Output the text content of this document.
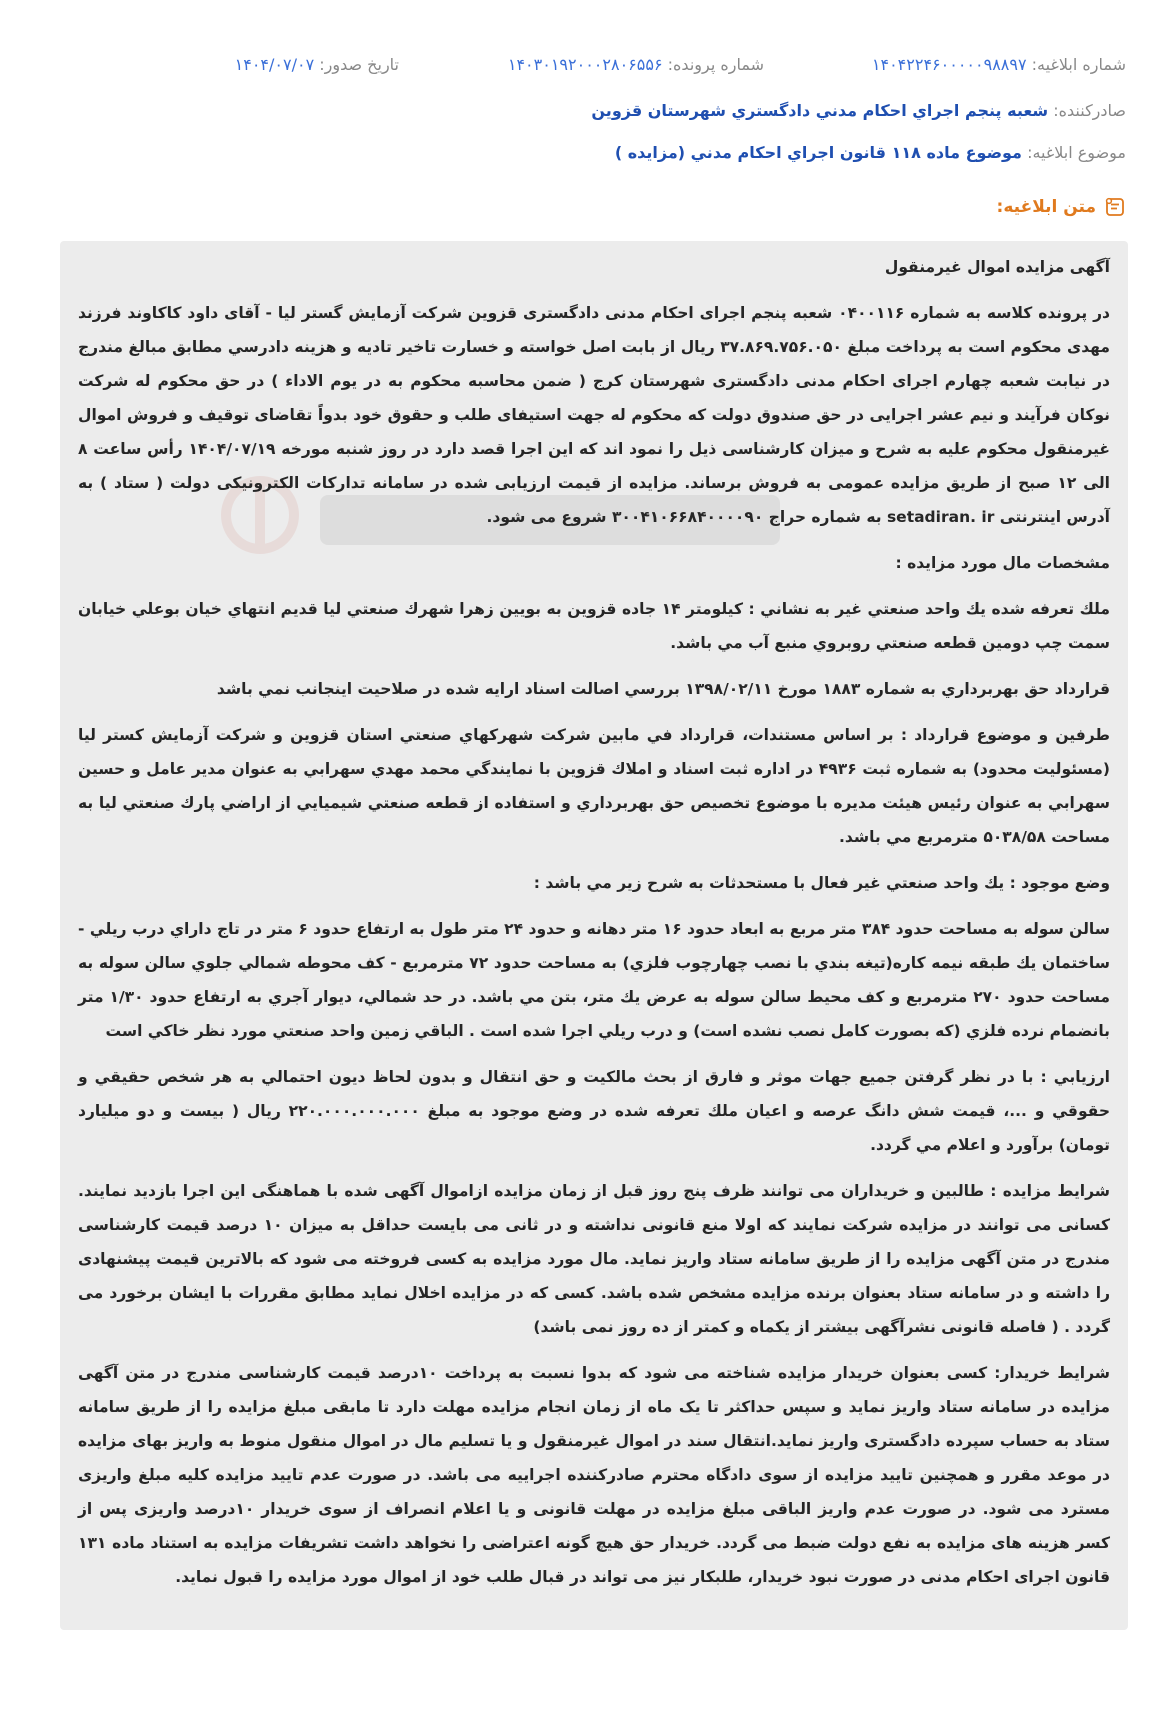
شماره ابلاغيه: ۱۴۰۴۲۲۴۶۰۰۰۰۰۹۸۸۹۷
شماره پرونده: ۱۴۰۳۰۱۹۲۰۰۰۲۸۰۶۵۵۶
تاريخ صدور: ۱۴۰۴/۰۷/۰۷
صادرکننده: شعبه پنجم اجراي احکام مدني دادگستري شهرستان قزوين
موضوع ابلاغيه: موضوع ماده ۱۱۸ قانون اجراي احکام مدني (مزايده )
متن ابلاغيه:

آگهی مزایده اموال غیرمنقول

در پرونده کلاسه به شماره ۰۴۰۰۱۱۶ شعبه پنجم اجرای احکام مدنی دادگستری قزوین شرکت آزمایش گستر لیا - آقای داود کاکاوند فرزند مهدی محکوم است به پرداخت مبلغ ۳۷.۸۶۹.۷۵۶.۰۵۰ ریال از بابت اصل خواسته و خسارت تاخیر تادیه و هزینه دادرسي مطابق مبالغ مندرج در نیابت شعبه چهارم اجرای احکام مدنی دادگستری شهرستان کرج ( ضمن محاسبه محکوم به در یوم الاداء ) در حق محکوم له شرکت نوکان فرآیند و نیم عشر اجرایی در حق صندوق دولت که محکوم له جهت استیفای طلب و حقوق خود بدواً تقاضای توقیف و فروش اموال غیرمنقول محکوم علیه به شرح و میزان کارشناسی ذیل را نمود اند که این اجرا قصد دارد در روز شنبه مورخه ۱۴۰۴/۰۷/۱۹ رأس ساعت ۸ الی ۱۲ صبح از طریق مزایده عمومی به فروش برساند. مزایده از قیمت ارزیابی شده در سامانه تدارکات الکترونیکی دولت ( ستاد ) به آدرس اینترنتی setadiran. ir به شماره حراج ۳۰۰۴۱۰۶۶۸۴۰۰۰۰۹۰ شروع می شود.

مشخصات مال مورد مزایده :

ملك تعرفه شده يك واحد صنعتي غير به نشاني : كيلومتر ۱۴ جاده قزوين به بويين زهرا شهرك صنعتي ليا قديم انتهاي خيان بوعلي خيابان سمت چپ دومين قطعه صنعتي روبروي منبع آب مي باشد.

قرارداد حق بهربرداري به شماره ۱۸۸۳ مورخ ۱۳۹۸/۰۲/۱۱ بررسي اصالت اسناد ارايه شده در صلاحيت اينجانب نمي باشد

طرفين و موضوع قرارداد : بر اساس مستندات، قرارداد في مابين شركت شهركهاي صنعتي استان قزوين و شركت آزمايش كستر ليا (مسئوليت محدود) به شماره ثبت ۴۹۳۶ در اداره ثبت اسناد و املاك قزوين با نمايندگي محمد مهدي سهرابي به عنوان مدير عامل و حسين سهرابي به عنوان رئيس هيئت مديره با موضوع تخصيص حق بهربرداري و استفاده از قطعه صنعتي شيميايي از اراضي پارك صنعتي ليا به مساحت ۵۰۳۸/۵۸ مترمربع مي باشد.

وضع موجود : يك واحد صنعتي غير فعال با مستحدثات به شرح زير مي باشد :

سالن سوله به مساحت حدود ۳۸۴ متر مربع به ابعاد حدود ۱۶ متر دهانه و حدود ۲۴ متر طول به ارتفاع حدود ۶ متر در تاج داراي درب ريلي - ساختمان يك طبقه نيمه كاره(تيغه بندي با نصب چهارچوب فلزي) به مساحت حدود ۷۲ مترمربع - كف محوطه شمالي جلوي سالن سوله به مساحت حدود ۲۷۰ مترمربع و كف محيط سالن سوله به عرض يك متر، بتن مي باشد. در حد شمالي، ديوار آجري به ارتفاع حدود ۱/۳۰ متر بانضمام نرده فلزي (كه بصورت كامل نصب نشده است) و درب ريلي اجرا شده است . الباقي زمين واحد صنعتي مورد نظر خاكي است

ارزيابي : با در نظر گرفتن جميع جهات موثر و فارق از بحث مالكيت و حق انتقال و بدون لحاظ ديون احتمالي به هر شخص حقيقي و حقوقي و ...، قيمت شش دانگ عرصه و اعيان ملك تعرفه شده در وضع موجود به مبلغ ۲۲۰.۰۰۰.۰۰۰.۰۰۰ ريال ( بيست و دو ميليارد تومان) برآورد و اعلام مي گردد.

شرایط مزایده : طالبین و خریداران می توانند ظرف پنج روز قبل از زمان مزایده ازاموال آگهی شده با هماهنگی این اجرا بازدید نمایند. کسانی می توانند در مزایده شرکت نمایند که اولا منع قانونی نداشته و در ثانی می بایست حداقل به میزان ۱۰ درصد قیمت کارشناسی مندرج در متن آگهی مزایده را از طریق سامانه ستاد واریز نماید. مال مورد مزایده به کسی فروخته می شود که بالاترین قیمت پیشنهادی را داشته و در سامانه ستاد بعنوان برنده مزایده مشخص شده باشد. کسی که در مزایده اخلال نماید مطابق مقررات با ایشان برخورد می گردد . ( فاصله قانونی نشرآگهی بیشتر از یکماه و کمتر از ده روز نمی باشد)

شرایط خریدار: کسی بعنوان خریدار مزایده شناخته می شود که بدوا نسبت به پرداخت ۱۰درصد قیمت کارشناسی مندرج در متن آگهی مزایده در سامانه ستاد واریز نماید و سپس حداکثر تا یک ماه از زمان انجام مزایده مهلت دارد تا مابقی مبلغ مزایده را از طریق سامانه ستاد به حساب سپرده دادگستری واریز نماید.انتقال سند در اموال غیرمنقول و یا تسلیم مال در اموال منقول منوط به واریز بهای مزایده در موعد مقرر و همچنین تایید مزایده از سوی دادگاه محترم صادرکننده اجراییه می باشد. در صورت عدم تایید مزایده کلیه مبلغ واریزی مسترد می شود. در صورت عدم واریز الباقی مبلغ مزایده در مهلت قانونی و یا اعلام انصراف از سوی خریدار ۱۰درصد واریزی پس از کسر هزینه های مزایده به نفع دولت ضبط می گردد. خریدار حق هیچ گونه اعتراضی را نخواهد داشت تشریفات مزایده به استناد ماده ۱۳۱ قانون اجرای احکام مدنی در صورت نبود خریدار، طلبکار نیز می تواند در قبال طلب خود از اموال مورد مزایده را قبول نماید.
